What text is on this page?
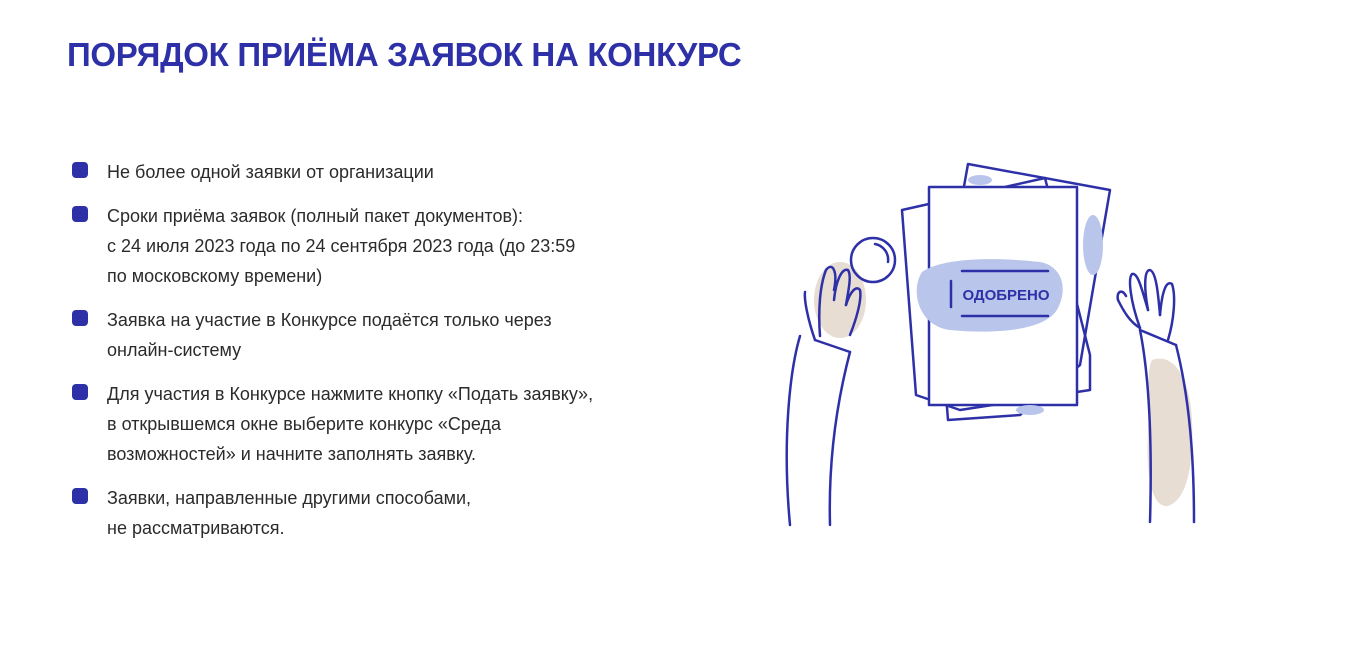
ПОРЯДОК ПРИЁМА ЗАЯВОК НА КОНКУРС
Не более одной заявки от организации
Сроки приёма заявок (полный пакет документов):
с 24 июля 2023 года по 24 сентября 2023 года (до 23:59
по московскому времени)
Заявка на участие в Конкурсе подаётся только через
онлайн-систему
Для участия в Конкурсе нажмите кнопку «Подать заявку»,
в открывшемся окне выберите конкурс «Среда
возможностей» и начните заполнять заявку.
Заявки, направленные другими способами,
не рассматриваются.
ОДОБРЕНО
